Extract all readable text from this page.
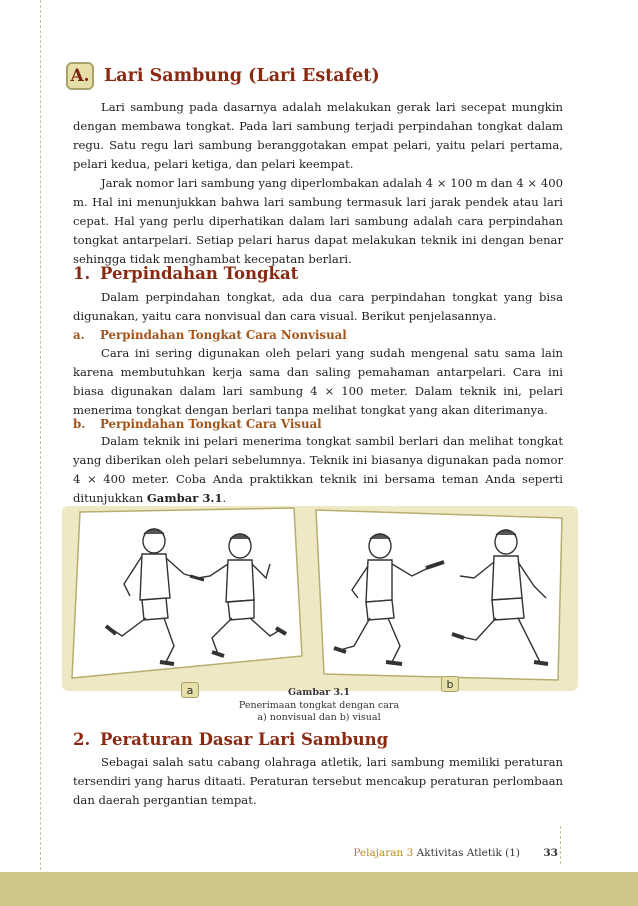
A. Lari Sambung (Lari Estafet)

Lari sambung pada dasarnya adalah melakukan gerak lari secepat mungkin dengan membawa tongkat. Pada lari sambung terjadi perpindahan tongkat dalam regu. Satu regu lari sambung beranggotakan empat pelari, yaitu pelari pertama, pelari kedua, pelari ketiga, dan pelari keempat.

Jarak nomor lari sambung yang diperlombakan adalah 4 × 100 m dan 4 × 400 m. Hal ini menunjukkan bahwa lari sambung termasuk lari jarak pendek atau lari cepat. Hal yang perlu diperhatikan dalam lari sambung adalah cara perpindahan tongkat antarpelari. Setiap pelari harus dapat melakukan teknik ini dengan benar sehingga tidak menghambat kecepatan berlari.

1. Perpindahan Tongkat

Dalam perpindahan tongkat, ada dua cara perpindahan tongkat yang bisa digunakan, yaitu cara nonvisual dan cara visual. Berikut penjelasannya.

a. Perpindahan Tongkat Cara Nonvisual

Cara ini sering digunakan oleh pelari yang sudah mengenal satu sama lain karena membutuhkan kerja sama dan saling pemahaman antarpelari. Cara ini biasa digunakan dalam lari sambung 4 × 100 meter. Dalam teknik ini, pelari menerima tongkat dengan berlari tanpa melihat tongkat yang akan diterimanya.

b. Perpindahan Tongkat Cara Visual

Dalam teknik ini pelari menerima tongkat sambil berlari dan melihat tongkat yang diberikan oleh pelari sebelumnya. Teknik ini biasanya digunakan pada nomor 4 × 400 meter. Coba Anda praktikkan teknik ini bersama teman Anda seperti ditunjukkan Gambar 3.1.

a	b
Gambar 3.1
Penerimaan tongkat dengan cara
a) nonvisual dan b) visual
2. Peraturan Dasar Lari Sambung

Sebagai salah satu cabang olahraga atletik, lari sambung memiliki peraturan tersendiri yang harus ditaati. Peraturan tersebut mencakup peraturan perlombaan dan daerah pergantian tempat.

Pelajaran 3 Aktivitas Atletik (1) 33
